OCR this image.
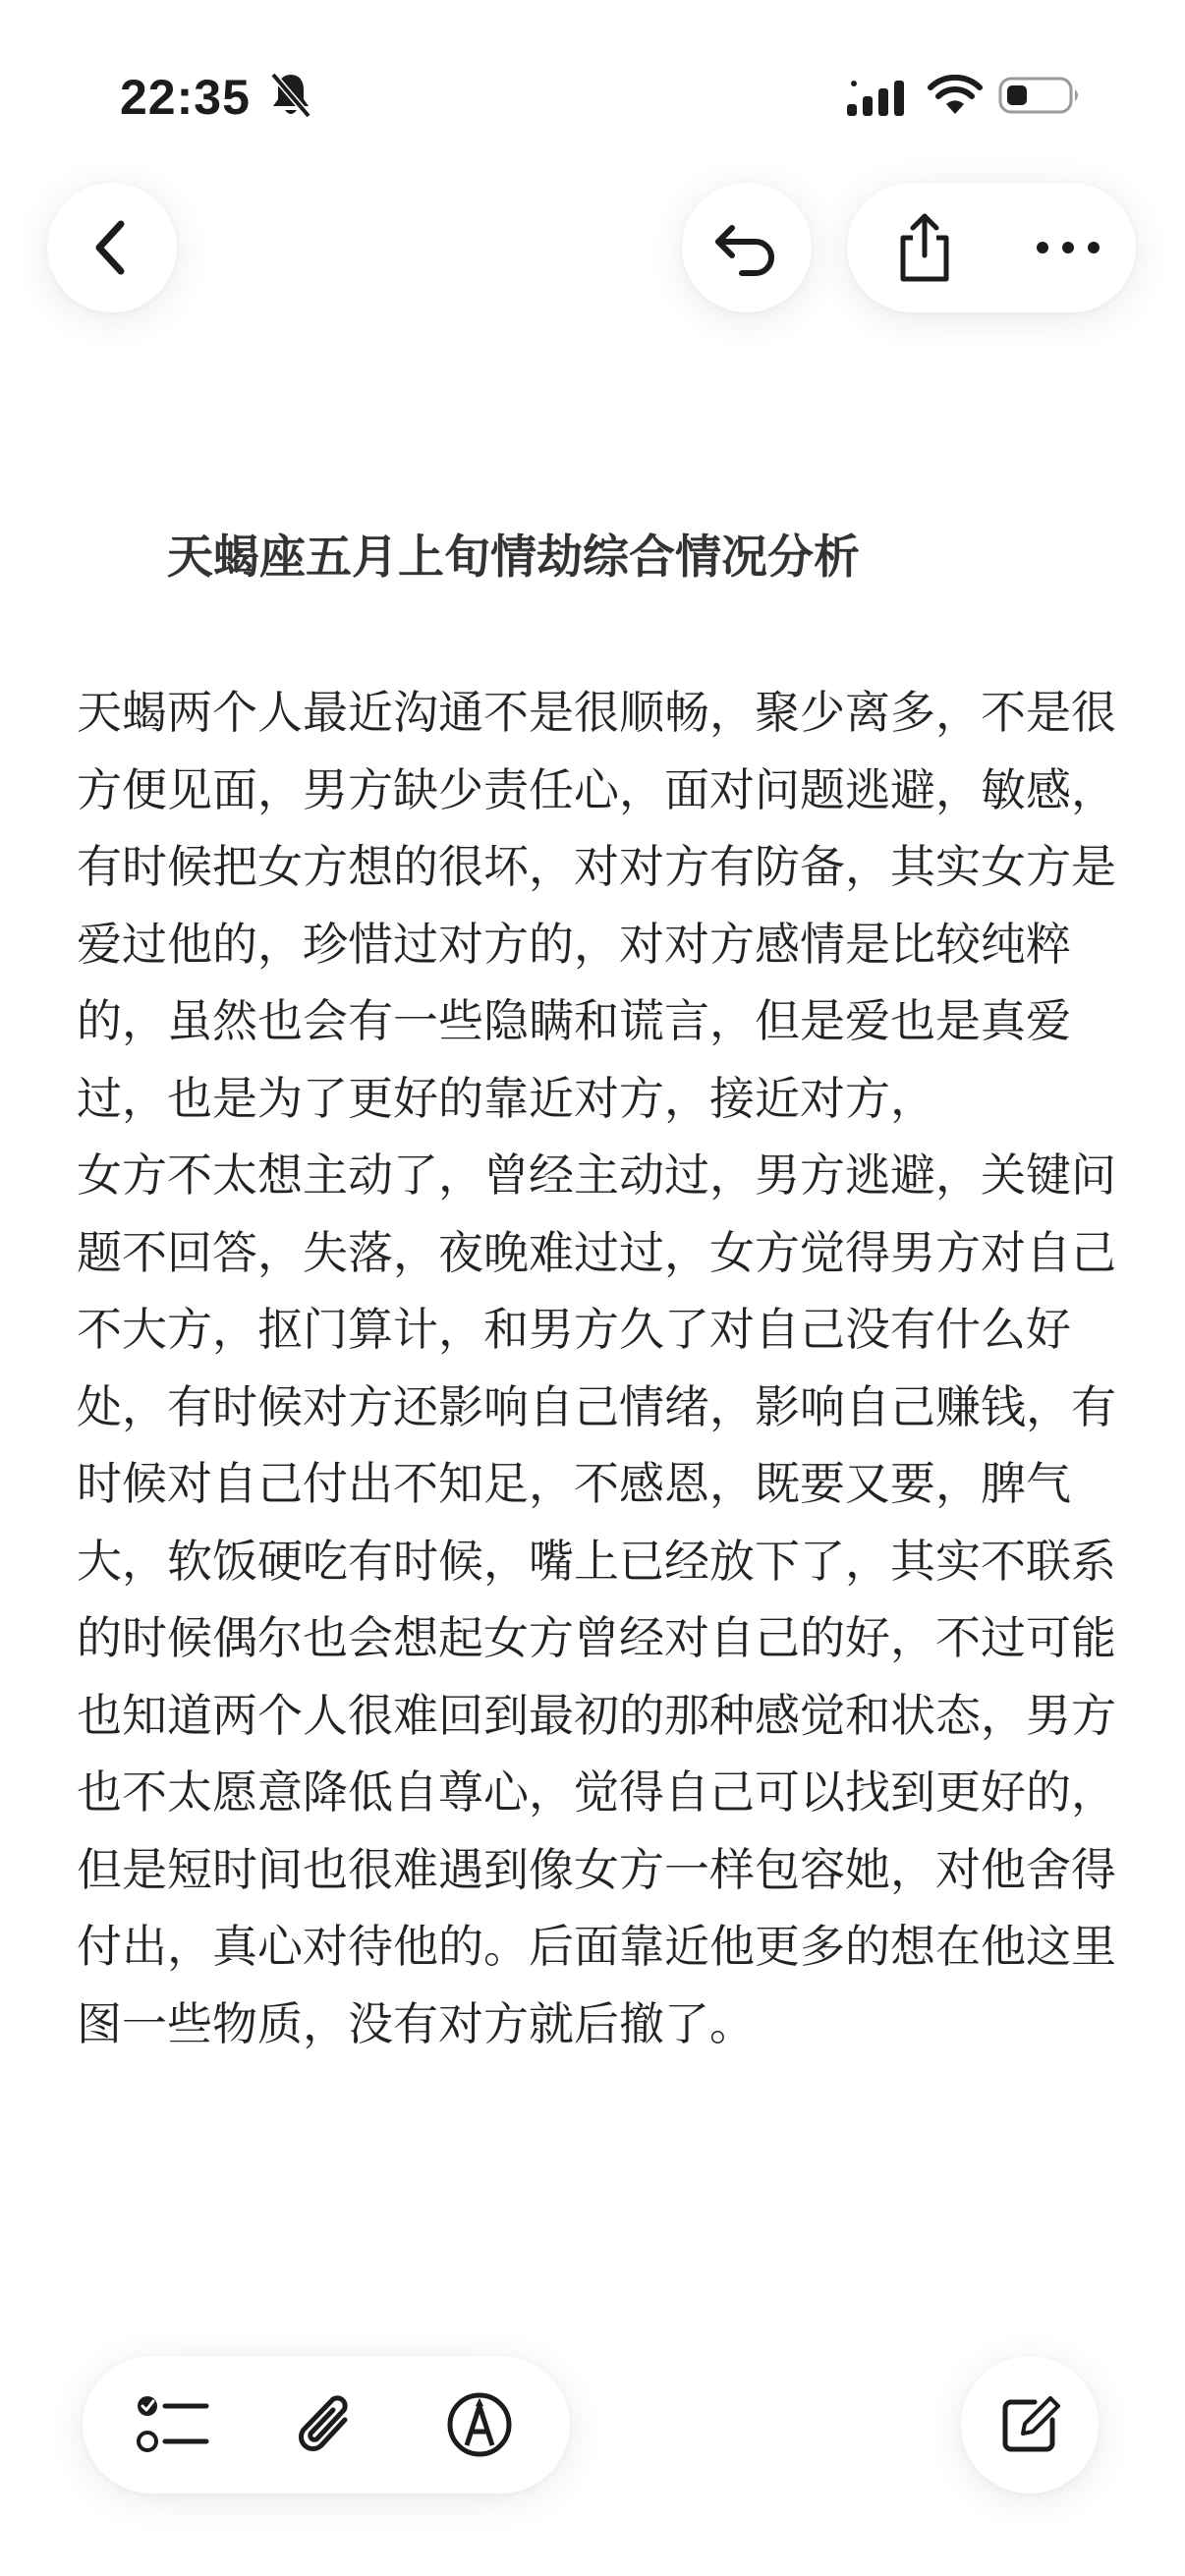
22:35
天蝎座五月上旬情劫综合情况分析

天蝎两个人最近沟通不是很顺畅，聚少离多，不是很方便见面，男方缺少责任心，面对问题逃避，敏感，有时候把女方想的很坏，对对方有防备，其实女方是爱过他的，珍惜过对方的，对对方感情是比较纯粹的，虽然也会有一些隐瞒和谎言，但是爱也是真爱过，也是为了更好的靠近对方，接近对方，

女方不太想主动了，曾经主动过，男方逃避，关键问题不回答，失落，夜晚难过过，女方觉得男方对自己不大方，抠门算计，和男方久了对自己没有什么好处，有时候对方还影响自己情绪，影响自己赚钱，有时候对自己付出不知足，不感恩，既要又要，脾气大，软饭硬吃有时候，嘴上已经放下了，其实不联系的时候偶尔也会想起女方曾经对自己的好，不过可能也知道两个人很难回到最初的那种感觉和状态，男方也不太愿意降低自尊心，觉得自己可以找到更好的，但是短时间也很难遇到像女方一样包容她，对他舍得付出，真心对待他的。后面靠近他更多的想在他这里图一些物质，没有对方就后撤了。
